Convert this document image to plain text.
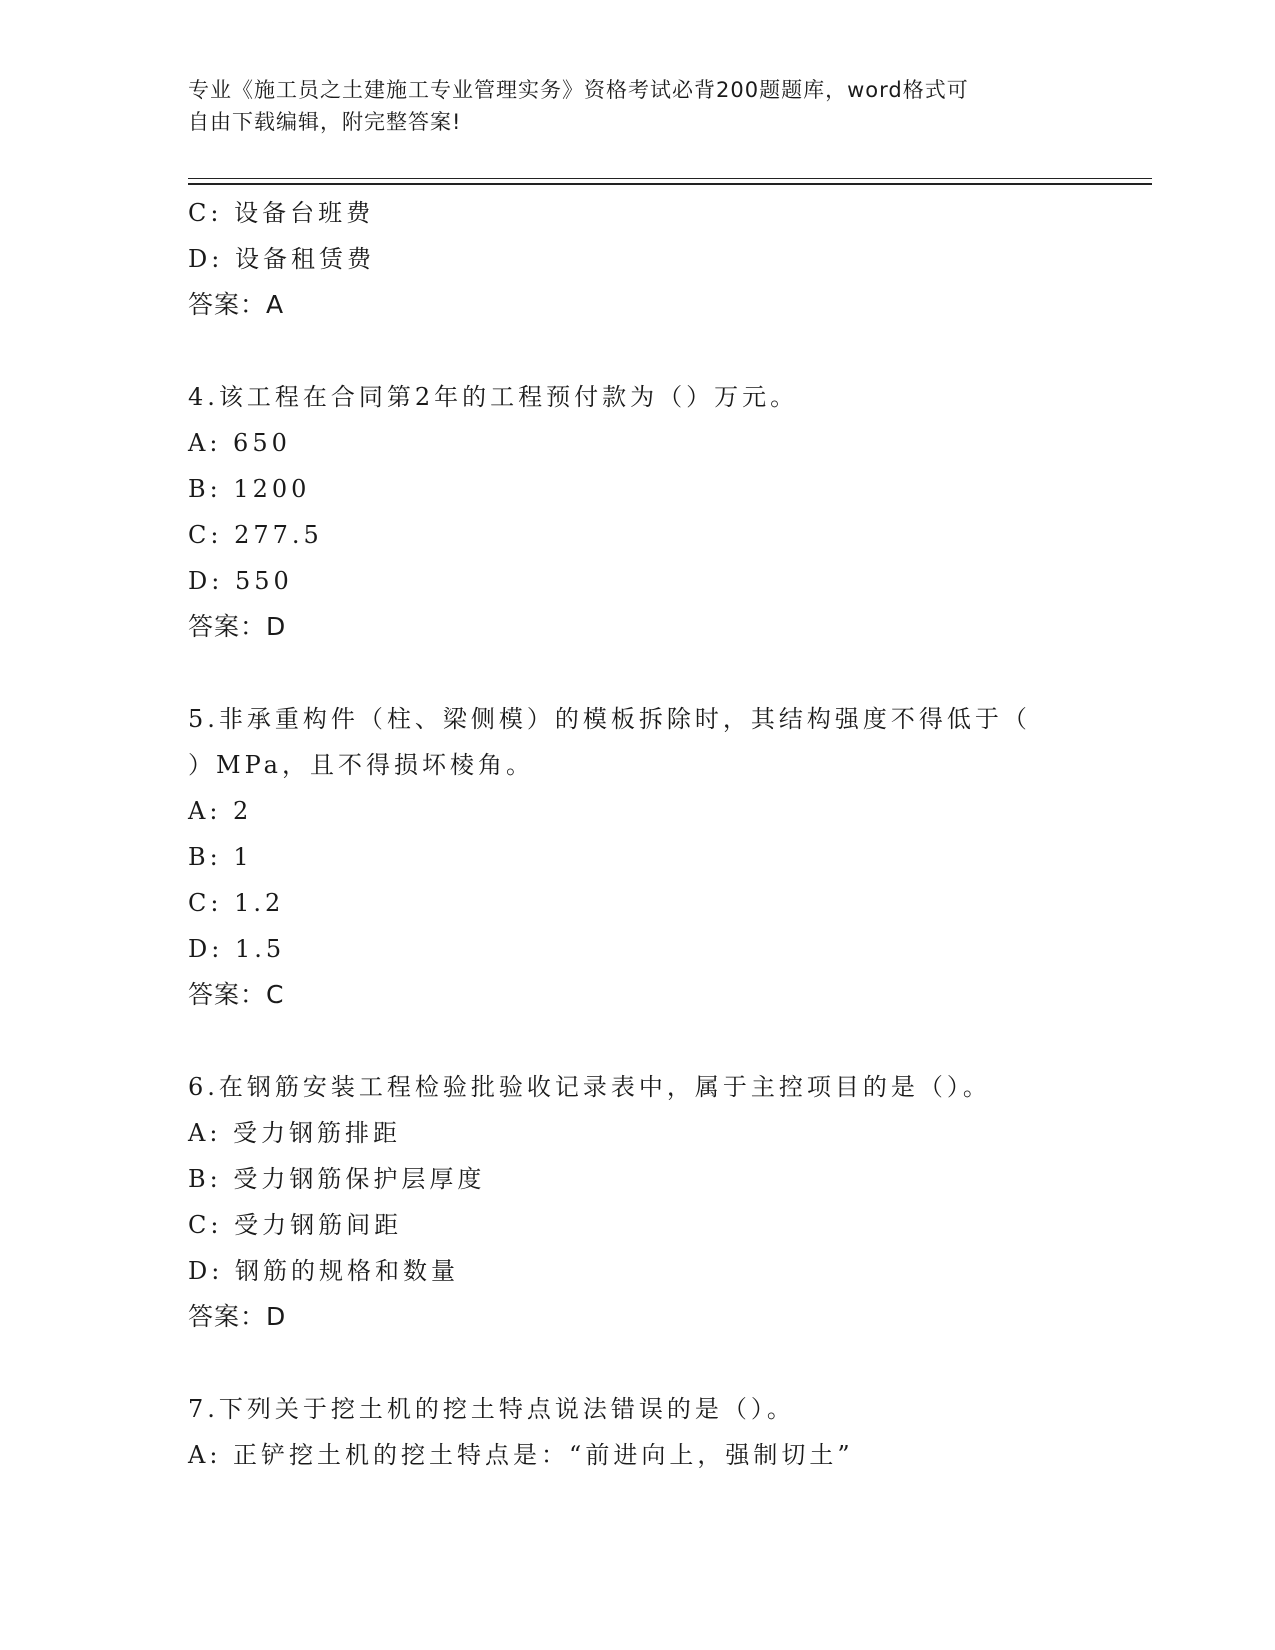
专业《施工员之土建施工专业管理实务》资格考试必背200题题库，word格式可
自由下载编辑，附完整答案!
C: 设备台班费
D: 设备租赁费
答案：A
4.该工程在合同第2年的工程预付款为（）万元。
A: 650
B: 1200
C: 277.5
D: 550
答案：D
5.非承重构件（柱、梁侧模）的模板拆除时，其结构强度不得低于（
）MPa，且不得损坏棱角。
A: 2
B: 1
C: 1.2
D: 1.5
答案：C
6.在钢筋安装工程检验批验收记录表中，属于主控项目的是（）。
A: 受力钢筋排距
B: 受力钢筋保护层厚度
C: 受力钢筋间距
D: 钢筋的规格和数量
答案：D
7.下列关于挖土机的挖土特点说法错误的是（）。
A: 正铲挖土机的挖土特点是：“前进向上，强制切土”
